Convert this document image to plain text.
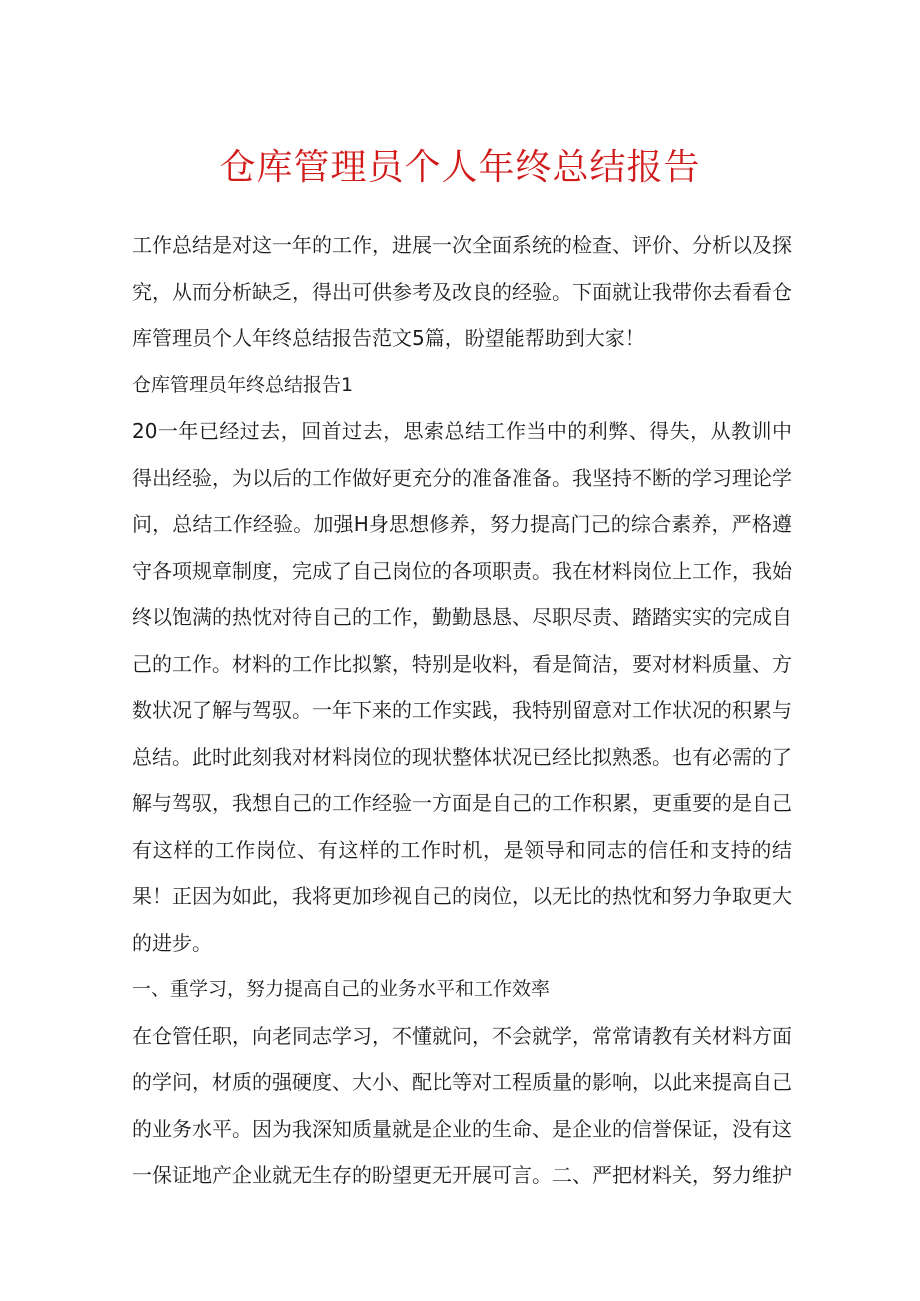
仓库管理员个人年终总结报告

工作总结是对这一年的工作，进展一次全面系统的检查、评价、分析以及探究，从而分析缺乏，得出可供参考及改良的经验。下面就让我带你去看看仓库管理员个人年终总结报告范文5篇，盼望能帮助到大家！

仓库管理员年终总结报告1

20一年已经过去，回首过去，思索总结工作当中的利弊、得失，从教训中得出经验，为以后的工作做好更充分的准备准备。我坚持不断的学习理论学问，总结工作经验。加强H身思想修养，努力提高门己的综合素养，严格遵守各项规章制度，完成了自己岗位的各项职责。我在材料岗位上工作，我始终以饱满的热忱对待自己的工作，勤勤恳恳、尽职尽责、踏踏实实的完成自己的工作。材料的工作比拟繁，特别是收料，看是简洁，要对材料质量、方数状况了解与驾驭。一年下来的工作实践，我特别留意对工作状况的积累与总结。此时此刻我对材料岗位的现状整体状况已经比拟熟悉。也有必需的了解与驾驭，我想自己的工作经验一方面是自己的工作积累，更重要的是自己有这样的工作岗位、有这样的工作时机，是领导和同志的信任和支持的结果！正因为如此，我将更加珍视自己的岗位，以无比的热忱和努力争取更大的进步。

一、重学习，努力提高自己的业务水平和工作效率

在仓管任职，向老同志学习，不懂就问，不会就学，常常请教有关材料方面的学问，材质的强硬度、大小、配比等对工程质量的影响，以此来提高自己的业务水平。因为我深知质量就是企业的生命、是企业的信誉保证，没有这一保证地产企业就无生存的盼望更无开展可言。二、严把材料关，努力维护
